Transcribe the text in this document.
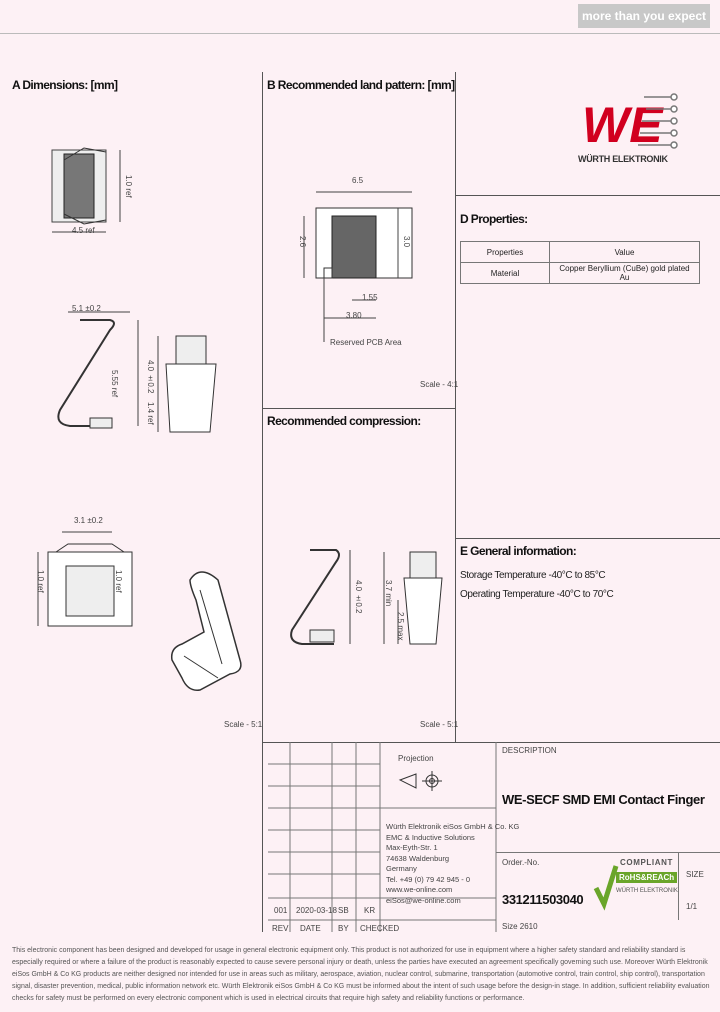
more than you expect
A Dimensions: [mm]	B Recommended land pattern: [mm]
Recommended compression:
D Properties:
E General information:
WE
WÜRTH ELEKTRONIK
4.5 ref
1.0 ref
5.1 ±0.2
5.55 ref	4.0 ±0.2
1.4 ref
3.1 ±0.2
1.0 ref	1.0 ref
Scale - 5:1
6.5
2.6	3.0
1.55
3.80
Reserved PCB Area
Scale - 4:1
4.0 ±0.2	3.7 min
2.5 max
Scale - 5:1
Properties	Value
Material	Copper Beryllium (CuBe) gold plated Au
Storage Temperature -40°C to 85°C
Operating Temperature -40°C to 70°C
001 2020-03-18 SB KR
REV DATE BY CHECKED
Projection
Würth Elektronik eiSos GmbH & Co. KG
EMC & Inductive Solutions
Max-Eyth-Str. 1
74638 Waldenburg
Germany
Tel. +49 (0) 79 42 945 - 0
www.we-online.com
eiSos@we-online.com
DESCRIPTION
WE-SECF SMD EMI Contact Finger
Order.-No.
331211503040
Size 2610
COMPLIANT
RoHS&REACh
WÜRTH ELEKTRONIK
SIZE
1/1
This electronic component has been designed and developed for usage in general electronic equipment only. This product is not authorized for use in equipment where a higher safety standard and reliability standard is especially required or where a failure of the product is reasonably expected to cause severe personal injury or death, unless the parties have executed an agreement specifically governing such use. Moreover Würth Elektronik eiSos GmbH & Co KG products are neither designed nor intended for use in areas such as military, aerospace, aviation, nuclear control, submarine, transportation (automotive control, train control, ship control), transportation signal, disaster prevention, medical, public information network etc. Würth Elektronik eiSos GmbH & Co KG must be informed about the intent of such usage before the design-in stage. In addition, sufficient reliability evaluation checks for safety must be performed on every electronic component which is used in electrical circuits that require high safety and reliability functions or performance.
